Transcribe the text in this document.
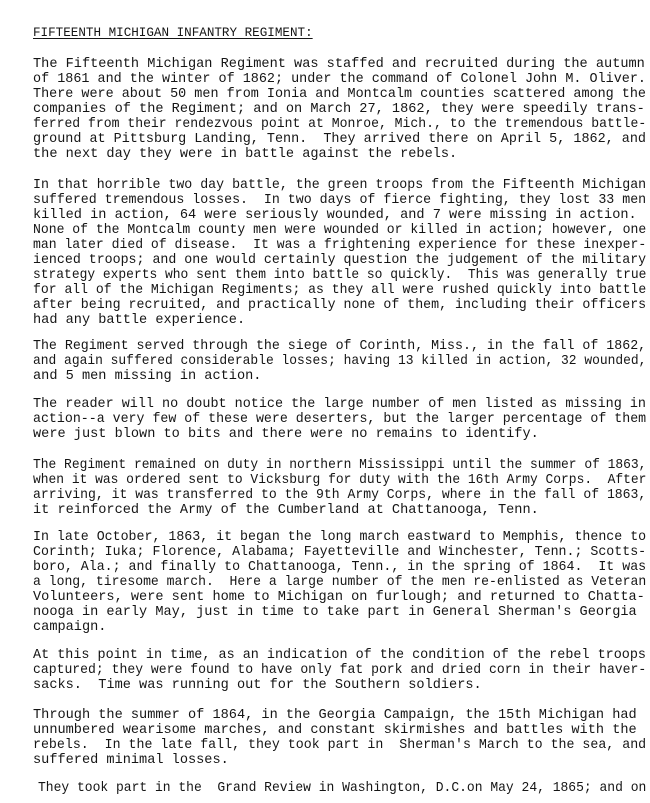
FIFTEENTH MICHIGAN INFANTRY REGIMENT:
The Fifteenth Michigan Regiment was staffed and recruited during the autumn
of 1861 and the winter of 1862; under the command of Colonel John M. Oliver.
There were about 50 men from Ionia and Montcalm counties scattered among the
companies of the Regiment; and on March 27, 1862, they were speedily trans-
ferred from their rendezvous point at Monroe, Mich., to the tremendous battle-
ground at Pittsburg Landing, Tenn.  They arrived there on April 5, 1862, and
the next day they were in battle against the rebels.
In that horrible two day battle, the green troops from the Fifteenth Michigan
suffered tremendous losses.  In two days of fierce fighting, they lost 33 men
killed in action, 64 were seriously wounded, and 7 were missing in action.
None of the Montcalm county men were wounded or killed in action; however, one
man later died of disease.  It was a frightening experience for these inexper-
ienced troops; and one would certainly question the judgement of the military
strategy experts who sent them into battle so quickly.  This was generally true
for all of the Michigan Regiments; as they all were rushed quickly into battle
after being recruited, and practically none of them, including their officers
had any battle experience.
The Regiment served through the siege of Corinth, Miss., in the fall of 1862,
and again suffered considerable losses; having 13 killed in action, 32 wounded,
and 5 men missing in action.
The reader will no doubt notice the large number of men listed as missing in
action--a very few of these were deserters, but the larger percentage of them
were just blown to bits and there were no remains to identify.
The Regiment remained on duty in northern Mississippi until the summer of 1863,
when it was ordered sent to Vicksburg for duty with the 16th Army Corps.  After
arriving, it was transferred to the 9th Army Corps, where in the fall of 1863,
it reinforced the Army of the Cumberland at Chattanooga, Tenn.
In late October, 1863, it began the long march eastward to Memphis, thence to
Corinth; Iuka; Florence, Alabama; Fayetteville and Winchester, Tenn.; Scotts-
boro, Ala.; and finally to Chattanooga, Tenn., in the spring of 1864.  It was
a long, tiresome march.  Here a large number of the men re-enlisted as Veteran
Volunteers, were sent home to Michigan on furlough; and returned to Chatta-
nooga in early May, just in time to take part in General Sherman's Georgia
campaign.
At this point in time, as an indication of the condition of the rebel troops
captured; they were found to have only fat pork and dried corn in their haver-
sacks.  Time was running out for the Southern soldiers.
Through the summer of 1864, in the Georgia Campaign, the 15th Michigan had
unnumbered wearisome marches, and constant skirmishes and battles with the
rebels.  In the late fall, they took part in  Sherman's March to the sea, and
suffered minimal losses.
They took part in the  Grand Review in Washington, D.C.on May 24, 1865; and on
